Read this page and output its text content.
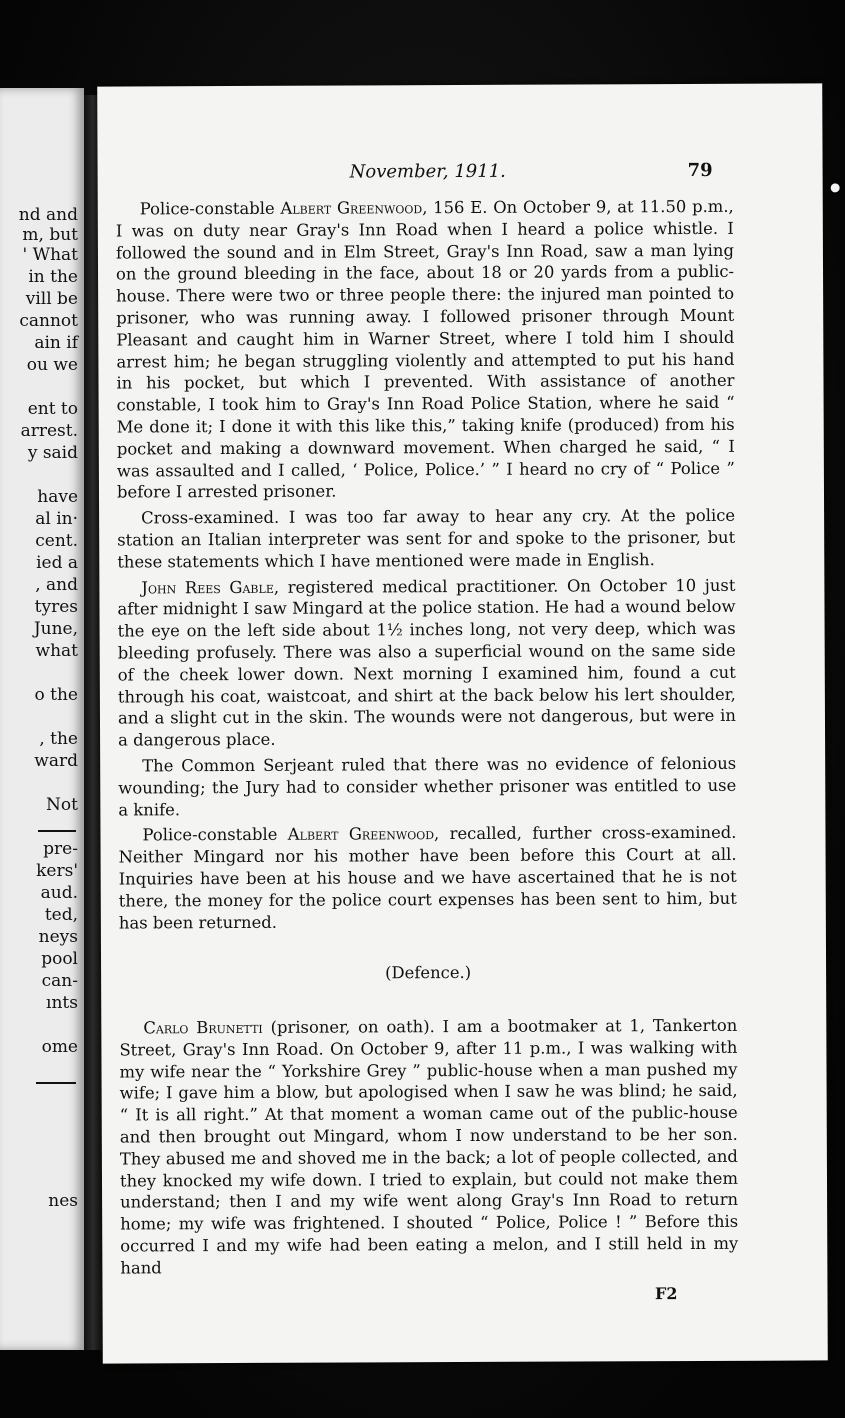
nd and
m, but
' What
in the
vill be
cannot
ain if
ou we
ent to
arrest.
y said
have
al in·
cent.
ied a
, and
tyres
June,
what
o the
, the
ward
Not
pre-
kers'
aud.
ted,
neys
pool
can-
ınts
ome
nes
November, 1911.	79

Police-constable Albert Greenwood, 156 E. On October 9, at 11.50 p.m., I was on duty near Gray's Inn Road when I heard a police whistle. I followed the sound and in Elm Street, Gray's Inn Road, saw a man lying on the ground bleeding in the face, about 18 or 20 yards from a public-house. There were two or three people there: the injured man pointed to prisoner, who was running away. I followed prisoner through Mount Pleasant and caught him in Warner Street, where I told him I should arrest him; he began struggling violently and attempted to put his hand in his pocket, but which I prevented. With assistance of another constable, I took him to Gray's Inn Road Police Station, where he said “ Me done it; I done it with this like this,” taking knife (produced) from his pocket and making a downward movement. When charged he said, “ I was assaulted and I called, ‘ Police, Police.’ ” I heard no cry of “ Police ” before I arrested prisoner.

Cross-examined. I was too far away to hear any cry. At the police station an Italian interpreter was sent for and spoke to the prisoner, but these statements which I have mentioned were made in English.

John Rees Gable, registered medical practitioner. On October 10 just after midnight I saw Mingard at the police station. He had a wound below the eye on the left side about 1½ inches long, not very deep, which was bleeding profusely. There was also a superficial wound on the same side of the cheek lower down. Next morning I examined him, found a cut through his coat, waistcoat, and shirt at the back below his lert shoulder, and a slight cut in the skin. The wounds were not dangerous, but were in a dangerous place.

The Common Serjeant ruled that there was no evidence of felonious wounding; the Jury had to consider whether prisoner was entitled to use a knife.

Police-constable Albert Greenwood, recalled, further cross-examined. Neither Mingard nor his mother have been before this Court at all. Inquiries have been at his house and we have ascertained that he is not there, the money for the police court expenses has been sent to him, but has been returned.

(Defence.)

Carlo Brunetti (prisoner, on oath). I am a bootmaker at 1, Tankerton Street, Gray's Inn Road. On October 9, after 11 p.m., I was walking with my wife near the “ Yorkshire Grey ” public-house when a man pushed my wife; I gave him a blow, but apologised when I saw he was blind; he said, “ It is all right.” At that moment a woman came out of the public-house and then brought out Mingard, whom I now understand to be her son. They abused me and shoved me in the back; a lot of people collected, and they knocked my wife down. I tried to explain, but could not make them understand; then I and my wife went along Gray's Inn Road to return home; my wife was frightened. I shouted “ Police, Police ! ” Before this occurred I and my wife had been eating a melon, and I still held in my hand

F2
